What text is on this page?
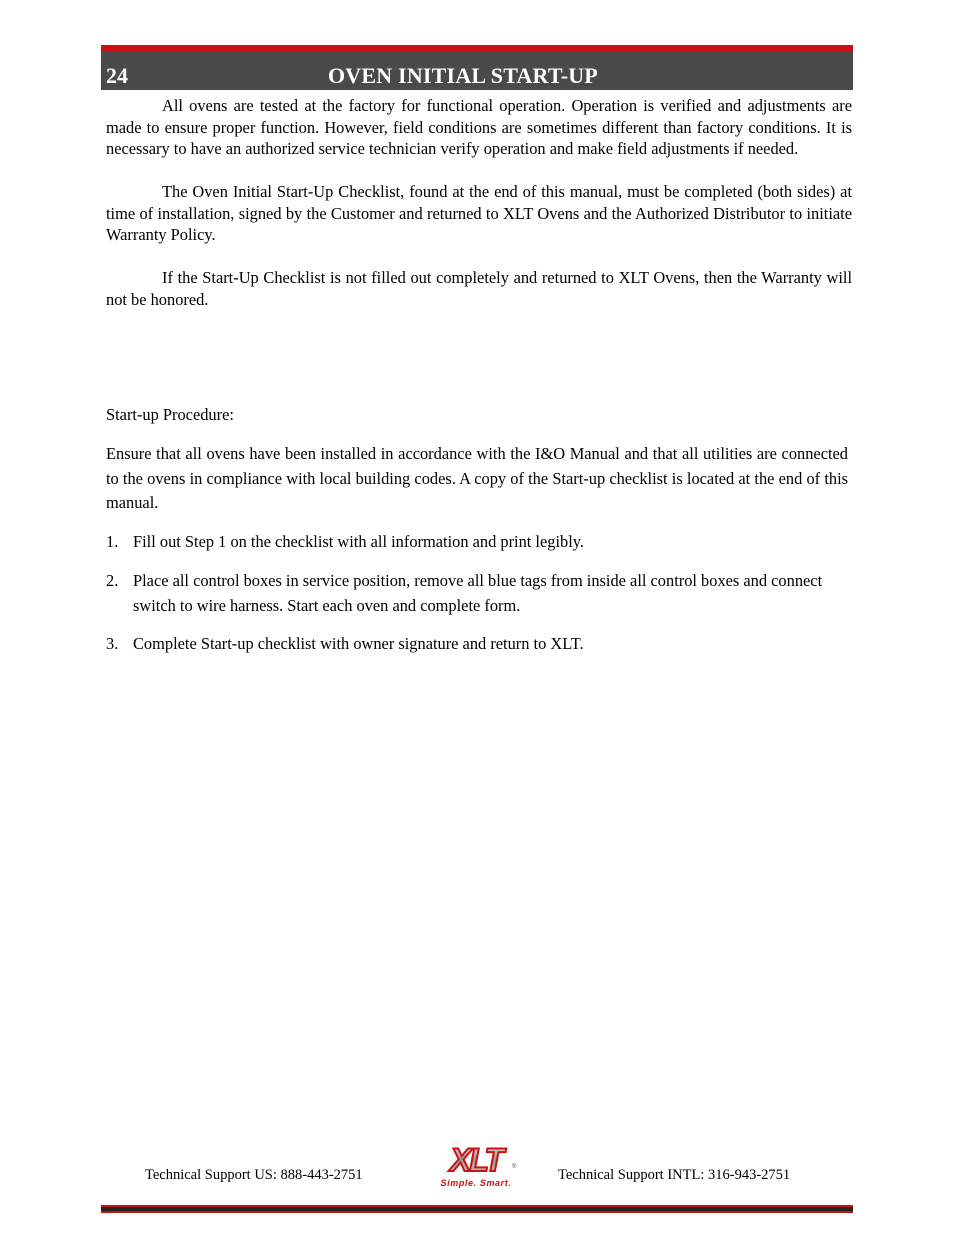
24	OVEN INITIAL START-UP

All ovens are tested at the factory for functional operation. Operation is verified and adjustments are made to ensure proper function. However, field conditions are sometimes different than factory conditions. It is necessary to have an authorized service technician verify operation and make field adjustments if needed.

The Oven Initial Start-Up Checklist, found at the end of this manual, must be completed (both sides) at time of installation, signed by the Customer and returned to XLT Ovens and the Authorized Distributor to initiate Warranty Policy.

If the Start-Up Checklist is not filled out completely and returned to XLT Ovens, then the Warranty will not be honored.

Start-up Procedure:

Ensure that all ovens have been installed in accordance with the I&O Manual and that all utilities are connected to the ovens in compliance with local building codes. A copy of the Start-up checklist is located at the end of this manual.

1. Fill out Step 1 on the checklist with all information and print legibly.
2. Place all control boxes in service position, remove all blue tags from inside all control boxes and connect switch to wire harness. Start each oven and complete form.
3. Complete Start-up checklist with owner signature and return to XLT.
Technical Support US: 888-443-2751	XLT	®
Simple. Smart.	Technical Support INTL: 316-943-2751
